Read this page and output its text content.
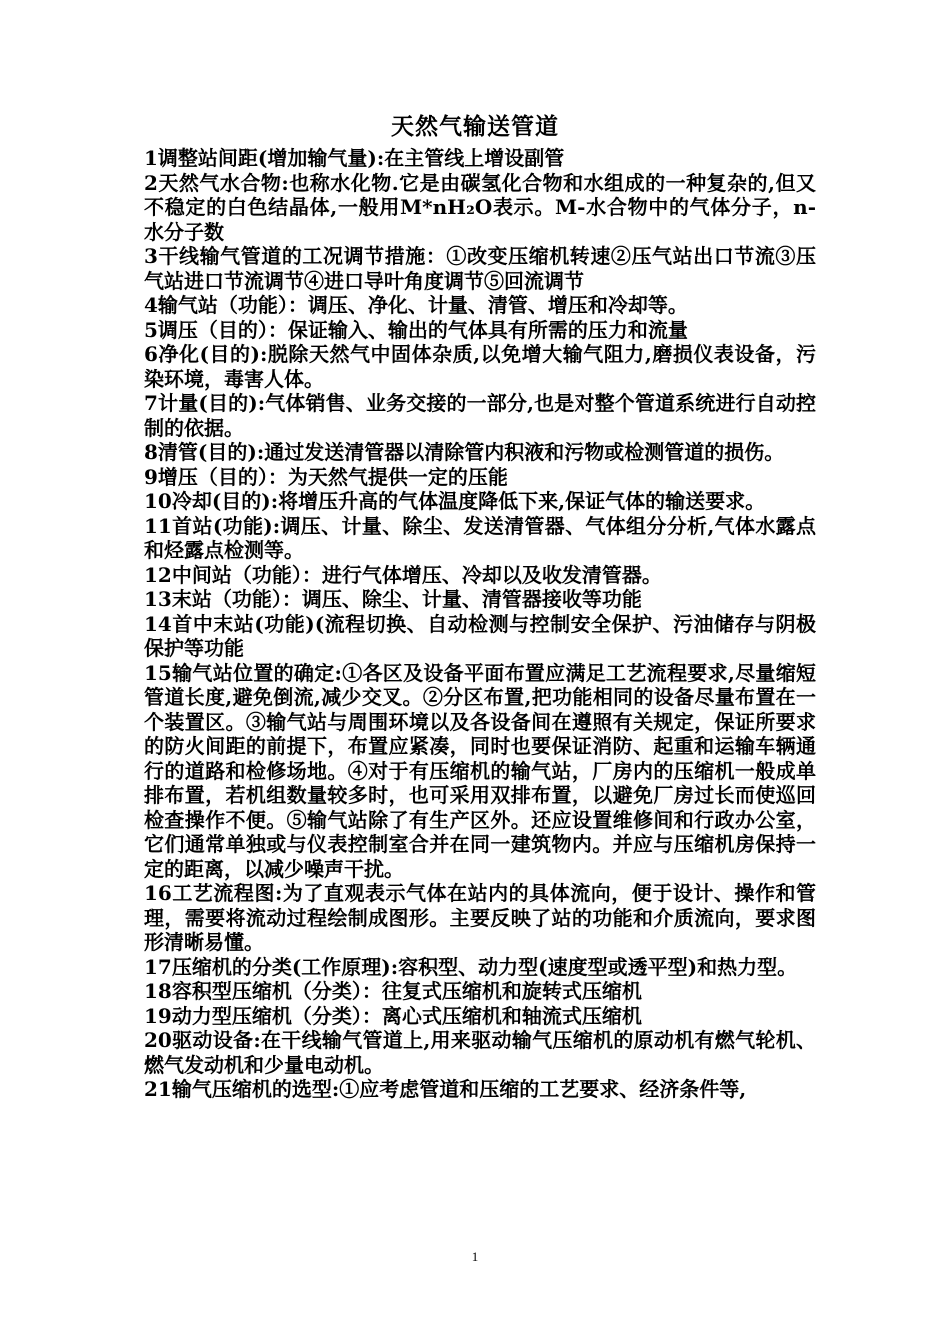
天然气输送管道

1调整站间距(增加输气量):在主管线上增设副管

2天然气水合物:也称水化物.它是由碳氢化合物和水组成的一种复杂的,但又不稳定的白色结晶体,一般用M*nH₂O表示。M-水合物中的气体分子，n-水分子数

3干线输气管道的工况调节措施：①改变压缩机转速②压气站出口节流③压气站进口节流调节④进口导叶角度调节⑤回流调节

4输气站（功能）：调压、净化、计量、清管、增压和冷却等。

5调压（目的）：保证输入、输出的气体具有所需的压力和流量

6净化(目的):脱除天然气中固体杂质,以免增大输气阻力,磨损仪表设备，污染环境，毒害人体。

7计量(目的):气体销售、业务交接的一部分,也是对整个管道系统进行自动控制的依据。

8清管(目的):通过发送清管器以清除管内积液和污物或检测管道的损伤。

9增压（目的）：为天然气提供一定的压能

10冷却(目的):将增压升高的气体温度降低下来,保证气体的输送要求。

11首站(功能):调压、计量、除尘、发送清管器、气体组分分析,气体水露点和烃露点检测等。

12中间站（功能）：进行气体增压、冷却以及收发清管器。

13末站（功能）：调压、除尘、计量、清管器接收等功能

14首中末站(功能)(流程切换、自动检测与控制安全保护、污油储存与阴极保护等功能

15输气站位置的确定:①各区及设备平面布置应满足工艺流程要求,尽量缩短管道长度,避免倒流,减少交叉。②分区布置,把功能相同的设备尽量布置在一个装置区。③输气站与周围环境以及各设备间在遵照有关规定，保证所要求的防火间距的前提下，布置应紧凑，同时也要保证消防、起重和运输车辆通行的道路和检修场地。④对于有压缩机的输气站，厂房内的压缩机一般成单排布置，若机组数量较多时，也可采用双排布置，以避免厂房过长而使巡回检查操作不便。⑤输气站除了有生产区外。还应设置维修间和行政办公室，它们通常单独或与仪表控制室合并在同一建筑物内。并应与压缩机房保持一定的距离，以减少噪声干扰。

16工艺流程图:为了直观表示气体在站内的具体流向，便于设计、操作和管理，需要将流动过程绘制成图形。主要反映了站的功能和介质流向，要求图形清晰易懂。

17压缩机的分类(工作原理):容积型、动力型(速度型或透平型)和热力型。

18容积型压缩机（分类）：往复式压缩机和旋转式压缩机

19动力型压缩机（分类）：离心式压缩机和轴流式压缩机

20驱动设备:在干线输气管道上,用来驱动输气压缩机的原动机有燃气轮机、燃气发动机和少量电动机。

21输气压缩机的选型:①应考虑管道和压缩的工艺要求、经济条件等,

1
